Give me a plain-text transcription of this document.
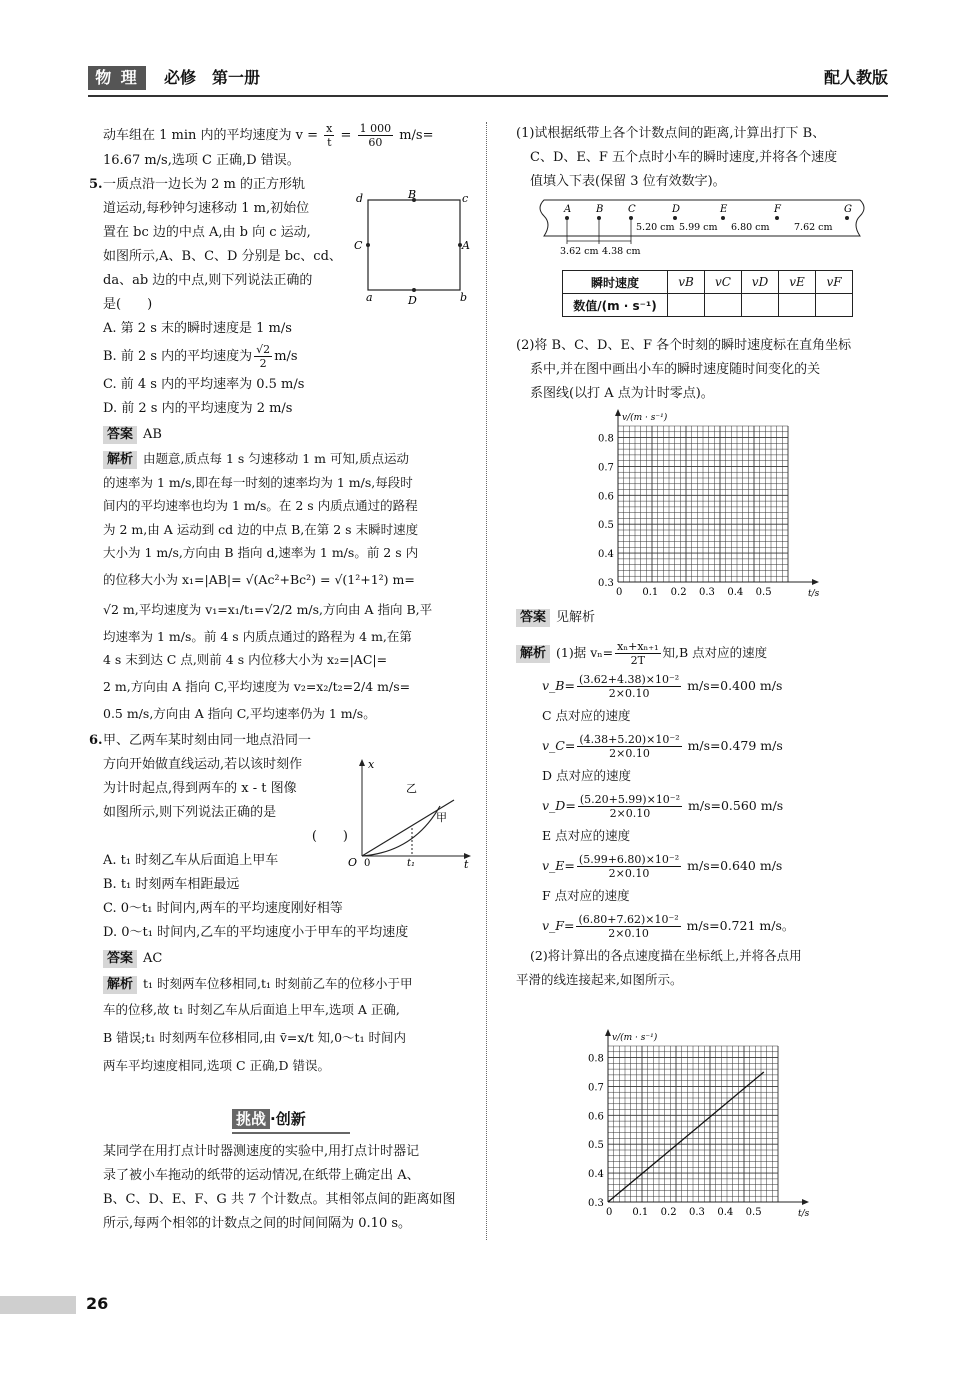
物 理	必修　第一册	配人教版
动车组在 1 min 内的平均速度为 $v = \frac{x}{t} = \frac{1 000}{60} m/s=$
16.67 m/s,选项 C 正确,D 错误。
5. 一质点沿一边长为 2 m 的正方形轨
道运动,每秒钟匀速移动 1 m,初始位
置在 bc 边的中点 A,由 b 向 c 运动,
如图所示,A、B、C、D 分别是 bc、cd、
da、ab 边的中点,则下列说法正确的
是(　　)
A. 第 2 s 末的瞬时速度是 1 m/s
B. 前 2 s 内的平均速度为 $\frac{√2}{2} m/s$
C. 前 4 s 内的平均速率为 0.5 m/s
D. 前 2 s 内的平均速度为 2 m/s
答案 AB
解析 由题意,质点每 1 s 匀速移动 1 m 可知,质点运动
的速率为 1 m/s,即在每一时刻的速率均为 1 m/s,每段时
间内的平均速率也均为 1 m/s。在 2 s 内质点通过的路程
为 2 m,由 A 运动到 cd 边的中点 B,在第 2 s 末瞬时速度
大小为 1 m/s,方向由 B 指向 d,速率为 1 m/s。前 2 s 内
的位移大小为 x₁=|AB|= √(Ac²+Bc²) = √(1²+1²) m=
√2 m,平均速度为 v₁=x₁/t₁=√2/2 m/s,方向由 A 指向 B,平
均速率为 1 m/s。前 4 s 内质点通过的路程为 4 m,在第
4 s 末到达 C 点,则前 4 s 内位移大小为 x₂=|AC|=
2 m,方向由 A 指向 C,平均速度为 v₂=x₂/t₂=2/4 m/s=
0.5 m/s,方向由 A 指向 C,平均速率仍为 1 m/s。
6. 甲、乙两车某时刻由同一地点沿同一
方向开始做直线运动,若以该时刻作
为计时起点,得到两车的 x - t 图像
如图所示,则下列说法正确的是
(　　)
A. t₁ 时刻乙车从后面追上甲车
B. t₁ 时刻两车相距最远
C. 0～t₁ 时间内,两车的平均速度刚好相等
D. 0～t₁ 时间内,乙车的平均速度小于甲车的平均速度
答案 AC
解析 t₁ 时刻两车位移相同,t₁ 时刻前乙车的位移小于甲
车的位移,故 t₁ 时刻乙车从后面追上甲车,选项 A 正确,
B 错误;t₁ 时刻两车位移相同,由 v̄=x/t 知,0～t₁ 时间内
两车平均速度相同,选项 C 正确,D 错误。
d	c
a	b
B
D
C	A
x
t
O 0	t₁
乙
甲
挑战 ·创新
某同学在用打点计时器测速度的实验中,用打点计时器记
录了被小车拖动的纸带的运动情况,在纸带上确定出 A、
B、C、D、E、F、G 共 7 个计数点。其相邻点间的距离如图
所示,每两个相邻的计数点之间的时间间隔为 0.10 s。
(1)试根据纸带上各个计数点间的距离,计算出打下 B、
C、D、E、F 五个点时小车的瞬时速度,并将各个速度
值填入下表(保留 3 位有效数字)。
A B C	D	E	F	G
5.20 cm 5.99 cm 6.80 cm	7.62 cm
3.62 cm 4.38 cm
瞬时速度	vB	vC	vD	vE	vF
数值/(m · s⁻¹)					
(2)将 B、C、D、E、F 各个时刻的瞬时速度标在直角坐标
系中,并在图中画出小车的瞬时速度随时间变化的关
系图线(以打 A 点为计时零点)。
v/(m · s⁻¹)
t/s
0.3
0.4
0.5
0.6
0.7
0.8
0 0.1 0.2 0.3 0.4 0.5
答案 见解析
解析 (1)据 $v_n= \frac{\text{xₙ+xₙ₊₁}}{2T}$ 知,B 点对应的速度
v_B= $\frac{\text{(3.62+4.38)×10⁻²}}{2\times 0.10} m/s=0.400$ m/s
C 点对应的速度
v_C= $\frac{\text{(4.38+5.20)×10⁻²}}{2\times 0.10} m/s=0.479$ m/s
D 点对应的速度
v_D= $\frac{\text{(5.20+5.99)×10⁻²}}{2\times 0.10} m/s=0.560$ m/s
E 点对应的速度
v_E= $\frac{\text{(5.99+6.80)×10⁻²}}{2\times 0.10} m/s=0.640$ m/s
F 点对应的速度
v_F= $\frac{\text{(6.80+7.62)×10⁻²}}{2\times 0.10} m/s=0.721$ m/s。
(2)将计算出的各点速度描在坐标纸上,并将各点用
平滑的线连接起来,如图所示。
v/(m · s⁻¹)
t/s
0.3
0.4
0.5
0.6
0.7
0.8
0 0.1 0.2 0.3 0.4 0.5
26
